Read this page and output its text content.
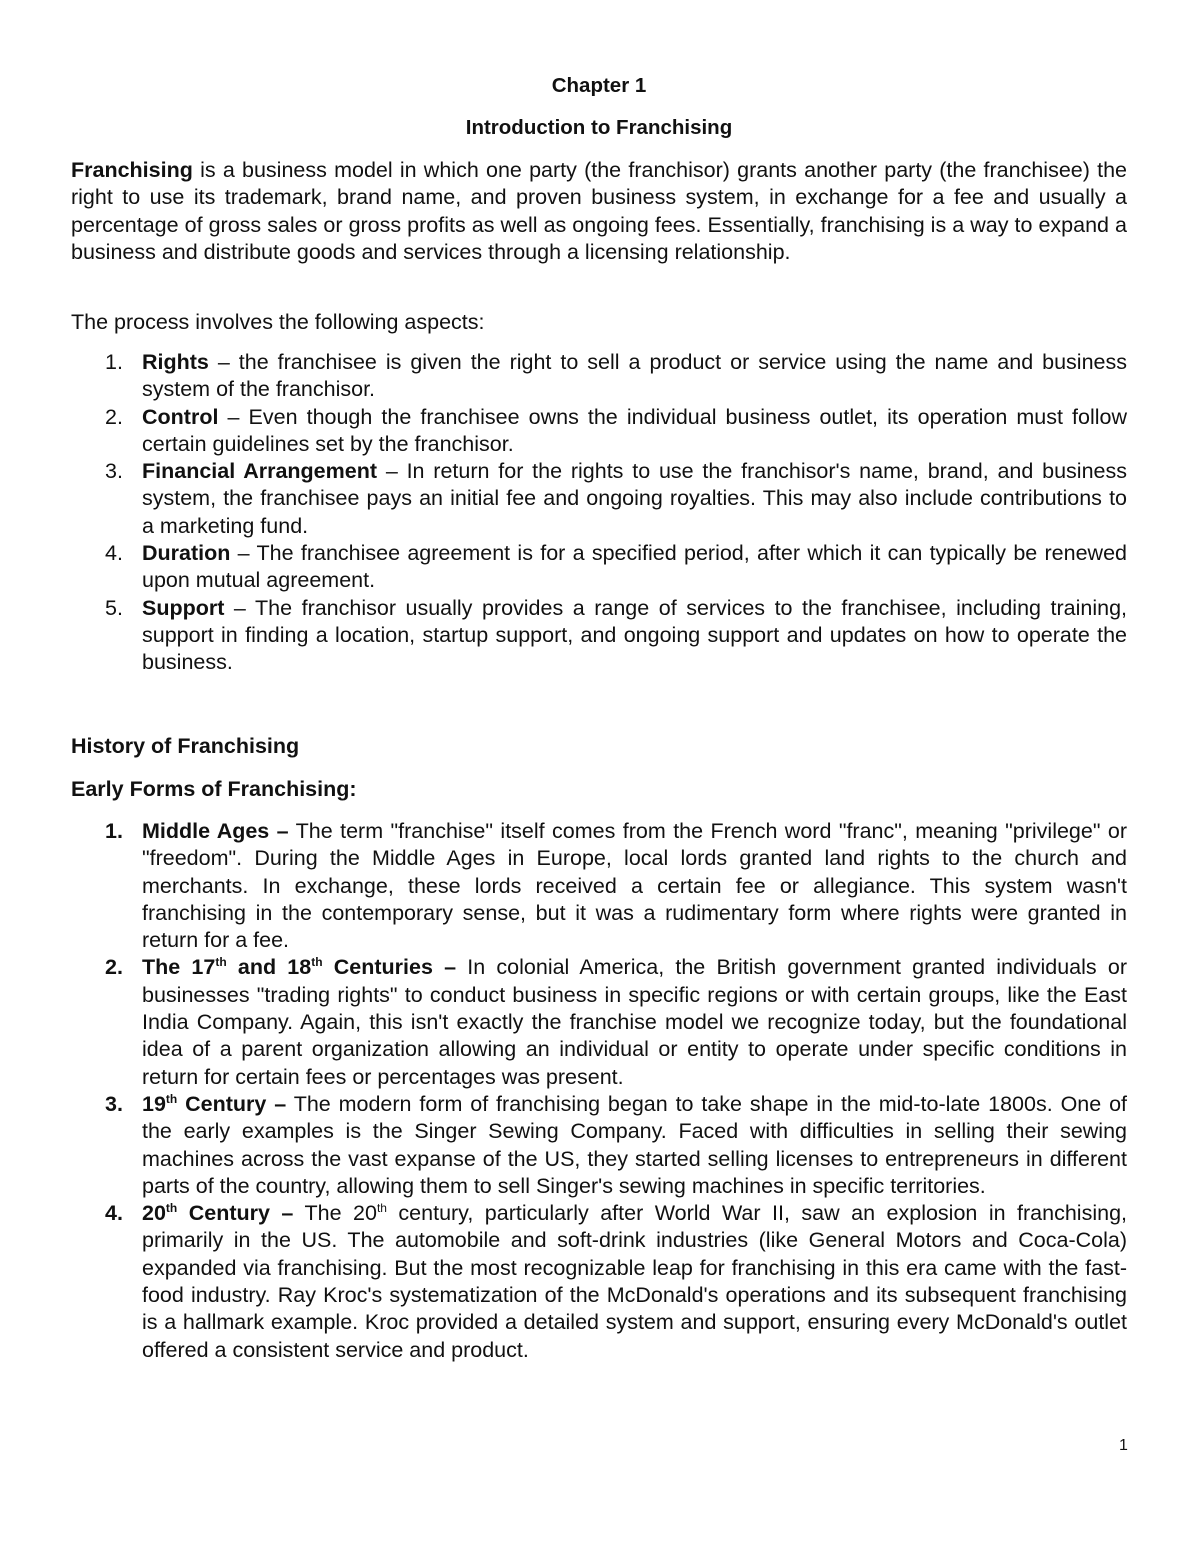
Chapter 1
Introduction to Franchising

Franchising is a business model in which one party (the franchisor) grants another party (the franchisee) the right to use its trademark, brand name, and proven business system, in exchange for a fee and usually a percentage of gross sales or gross profits as well as ongoing fees. Essentially, franchising is a way to expand a business and distribute goods and services through a licensing relationship.

The process involves the following aspects:

1. Rights – the franchisee is given the right to sell a product or service using the name and business system of the franchisor.
2. Control – Even though the franchisee owns the individual business outlet, its operation must follow certain guidelines set by the franchisor.
3. Financial Arrangement – In return for the rights to use the franchisor's name, brand, and business system, the franchisee pays an initial fee and ongoing royalties. This may also include contributions to a marketing fund.
4. Duration – The franchisee agreement is for a specified period, after which it can typically be renewed upon mutual agreement.
5. Support – The franchisor usually provides a range of services to the franchisee, including training, support in finding a location, startup support, and ongoing support and updates on how to operate the business.

History of Franchising

Early Forms of Franchising:

1. Middle Ages – The term "franchise" itself comes from the French word "franc", meaning "privilege" or "freedom". During the Middle Ages in Europe, local lords granted land rights to the church and merchants. In exchange, these lords received a certain fee or allegiance. This system wasn't franchising in the contemporary sense, but it was a rudimentary form where rights were granted in return for a fee.
2. The 17th and 18th Centuries – In colonial America, the British government granted individuals or businesses "trading rights" to conduct business in specific regions or with certain groups, like the East India Company. Again, this isn't exactly the franchise model we recognize today, but the foundational idea of a parent organization allowing an individual or entity to operate under specific conditions in return for certain fees or percentages was present.
3. 19th Century – The modern form of franchising began to take shape in the mid-to-late 1800s. One of the early examples is the Singer Sewing Company. Faced with difficulties in selling their sewing machines across the vast expanse of the US, they started selling licenses to entrepreneurs in different parts of the country, allowing them to sell Singer's sewing machines in specific territories.
4. 20th Century – The 20th century, particularly after World War II, saw an explosion in franchising, primarily in the US. The automobile and soft-drink industries (like General Motors and Coca-Cola) expanded via franchising. But the most recognizable leap for franchising in this era came with the fast-food industry. Ray Kroc's systematization of the McDonald's operations and its subsequent franchising is a hallmark example. Kroc provided a detailed system and support, ensuring every McDonald's outlet offered a consistent service and product.
1
